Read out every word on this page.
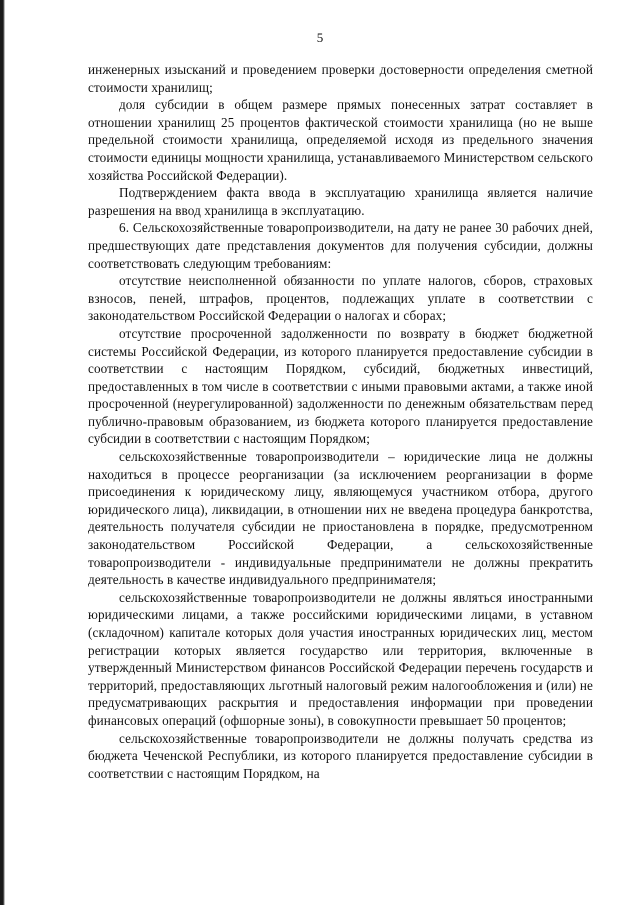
5

инженерных изысканий и проведением проверки достоверности определения сметной стоимости хранилищ;

доля субсидии в общем размере прямых понесенных затрат составляет в отношении хранилищ 25 процентов фактической стоимости хранилища (но не выше предельной стоимости хранилища, определяемой исходя из предельного значения стоимости единицы мощности хранилища, устанавливаемого Министерством сельского хозяйства Российской Федерации).

Подтверждением факта ввода в эксплуатацию хранилища является наличие разрешения на ввод хранилища в эксплуатацию.

6. Сельскохозяйственные товаропроизводители, на дату не ранее 30 рабочих дней, предшествующих дате представления документов для получения субсидии, должны соответствовать следующим требованиям:

отсутствие неисполненной обязанности по уплате налогов, сборов, страховых взносов, пеней, штрафов, процентов, подлежащих уплате в соответствии с законодательством Российской Федерации о налогах и сборах;

отсутствие просроченной задолженности по возврату в бюджет бюджетной системы Российской Федерации, из которого планируется предоставление субсидии в соответствии с настоящим Порядком, субсидий, бюджетных инвестиций, предоставленных в том числе в соответствии с иными правовыми актами, а также иной просроченной (неурегулированной) задолженности по денежным обязательствам перед публично-правовым образованием, из бюджета которого планируется предоставление субсидии в соответствии с настоящим Порядком;

сельскохозяйственные товаропроизводители – юридические лица не должны находиться в процессе реорганизации (за исключением реорганизации в форме присоединения к юридическому лицу, являющемуся участником отбора, другого юридического лица), ликвидации, в отношении них не введена процедура банкротства, деятельность получателя субсидии не приостановлена в порядке, предусмотренном законодательством Российской Федерации, а сельскохозяйственные товаропроизводители - индивидуальные предприниматели не должны прекратить деятельность в качестве индивидуального предпринимателя;

сельскохозяйственные товаропроизводители не должны являться иностранными юридическими лицами, а также российскими юридическими лицами, в уставном (складочном) капитале которых доля участия иностранных юридических лиц, местом регистрации которых является государство или территория, включенные в утвержденный Министерством финансов Российской Федерации перечень государств и территорий, предоставляющих льготный налоговый режим налогообложения и (или) не предусматривающих раскрытия и предоставления информации при проведении финансовых операций (офшорные зоны), в совокупности превышает 50 процентов;

сельскохозяйственные товаропроизводители не должны получать средства из бюджета Чеченской Республики, из которого планируется предоставление субсидии в соответствии с настоящим Порядком, на
